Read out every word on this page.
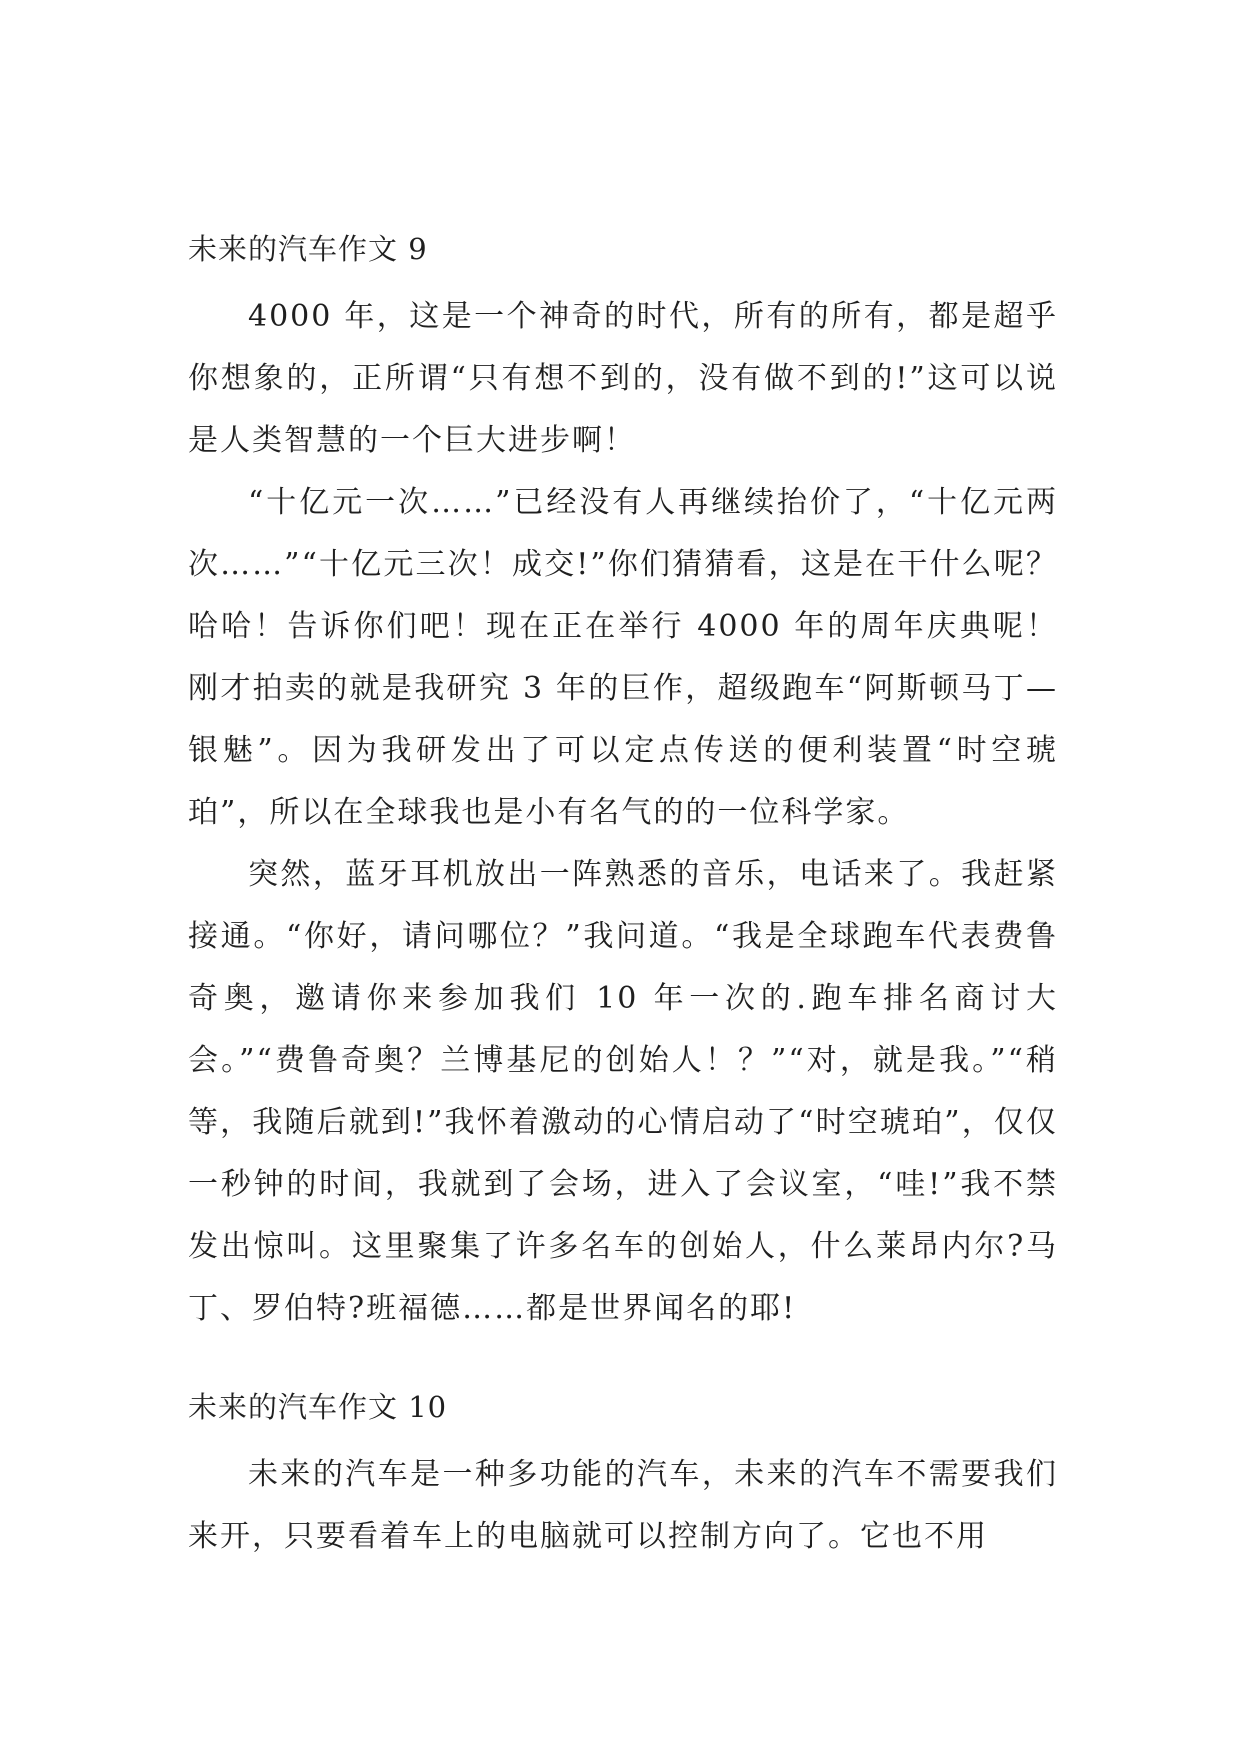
未来的汽车作文 9

4000 年，这是一个神奇的时代，所有的所有，都是超乎你想象的，正所谓“只有想不到的，没有做不到的!”这可以说是人类智慧的一个巨大进步啊！

“十亿元一次……”已经没有人再继续抬价了，“十亿元两次……”“十亿元三次！成交!”你们猜猜看，这是在干什么呢？哈哈！告诉你们吧！现在正在举行 4000 年的周年庆典呢！刚才拍卖的就是我研究 3 年的巨作，超级跑车“阿斯顿马丁—银魅”。因为我研发出了可以定点传送的便利装置“时空琥珀”，所以在全球我也是小有名气的的一位科学家。

突然，蓝牙耳机放出一阵熟悉的音乐，电话来了。我赶紧接通。“你好，请问哪位？”我问道。“我是全球跑车代表费鲁奇奥，邀请你来参加我们 10 年一次的.跑车排名商讨大会。”“费鲁奇奥？兰博基尼的创始人！？”“对，就是我。”“稍等，我随后就到!”我怀着激动的心情启动了“时空琥珀”，仅仅一秒钟的时间，我就到了会场，进入了会议室，“哇!”我不禁发出惊叫。这里聚集了许多名车的创始人，什么莱昂内尔?马丁、罗伯特?班福德……都是世界闻名的耶!

未来的汽车作文 10

未来的汽车是一种多功能的汽车，未来的汽车不需要我们来开，只要看着车上的电脑就可以控制方向了。它也不用
